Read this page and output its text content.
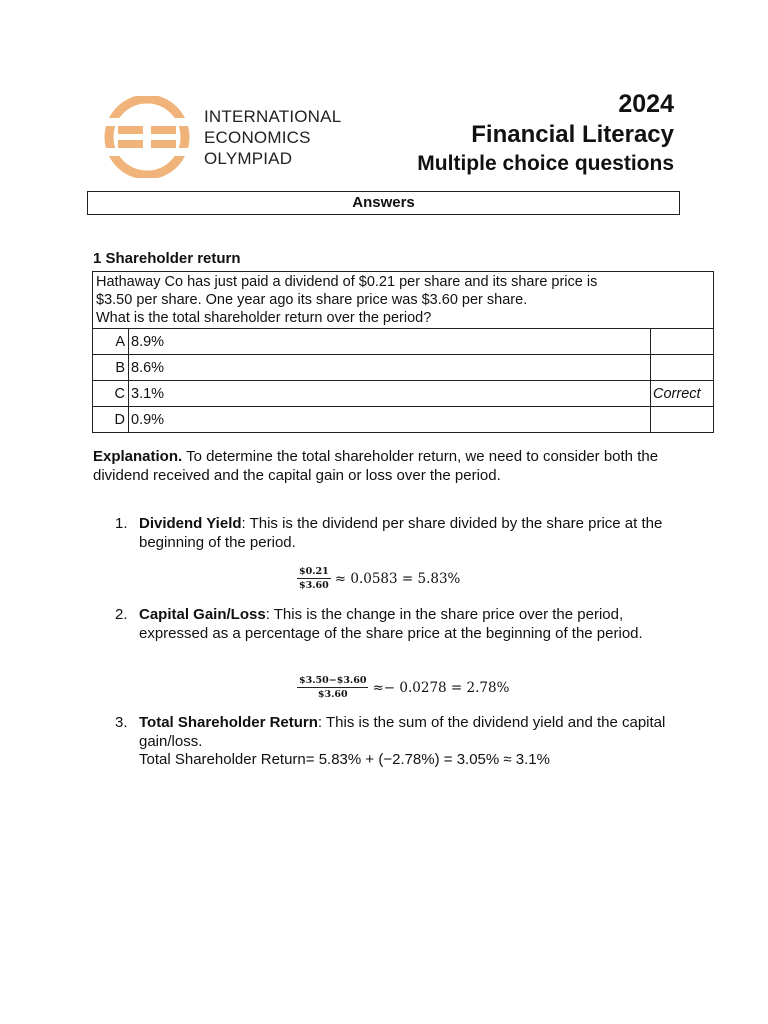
INTERNATIONAL
ECONOMICS
OLYMPIAD
2024
Financial Literacy
Multiple choice questions
Answers
1 Shareholder return
Hathaway Co has just paid a dividend of $0.21 per share and its share price is
$3.50 per share. One year ago its share price was $3.60 per share.
What is the total shareholder return over the period?		

A	8.9%	
B	8.6%	
C	3.1%	Correct
D	0.9%	
Explanation. To determine the total shareholder return, we need to consider both the dividend received and the capital gain or loss over the period.
1. Dividend Yield: This is the dividend per share divided by the share price at the beginning of the period.
$\frac{\$0.21}{\$3.60} \approx 0.0583 = 5.83\%$
2. Capital Gain/Loss: This is the change in the share price over the period, expressed as a percentage of the share price at the beginning of the period.
$\frac{\$3.50-\$3.60}{\$3.60} \approx- 0.0278 = 2.78\%$
3. Total Shareholder Return: This is the sum of the dividend yield and the capital gain/loss.
Total Shareholder Return= 5.83% + (−2.78%) = 3.05% ≈ 3.1%
